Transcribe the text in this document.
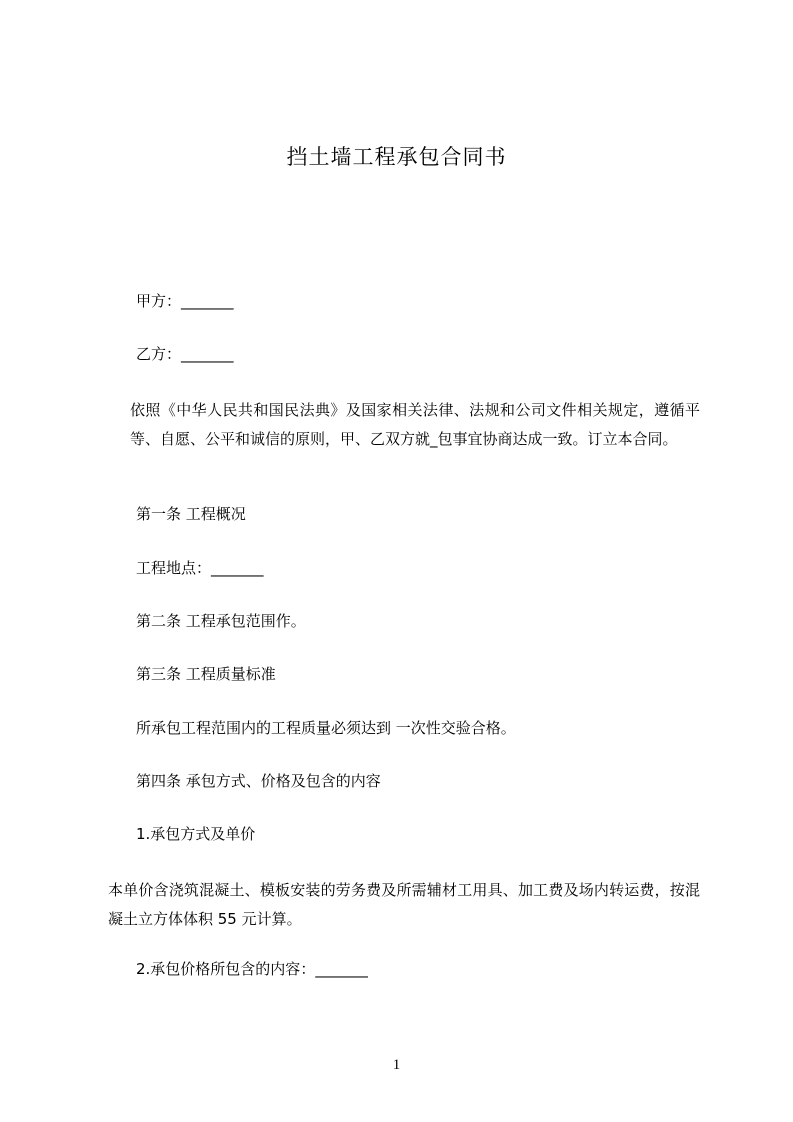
挡土墙工程承包合同书
甲方：_______
乙方：_______
依照《中华人民共和国民法典》及国家相关法律、法规和公司文件相关规定，遵循平等、自愿、公平和诚信的原则，甲、乙双方就_包事宜协商达成一致。订立本合同。
第一条 工程概况
工程地点：_______
第二条 工程承包范围作。
第三条 工程质量标准
所承包工程范围内的工程质量必须达到 一次性交验合格。
第四条 承包方式、价格及包含的内容
1.承包方式及单价
本单价含浇筑混凝土、模板安装的劳务费及所需辅材工用具、加工费及场内转运费，按混凝土立方体体积 55 元计算。
2.承包价格所包含的内容：_______
1
